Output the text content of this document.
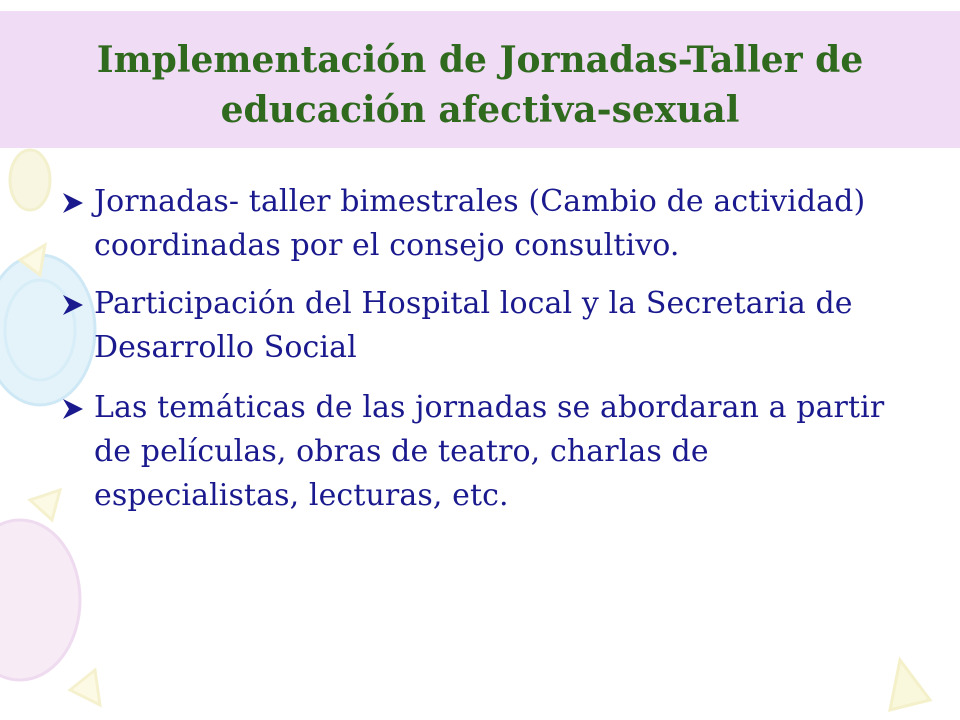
Implementación de Jornadas-Taller de educación afectiva-sexual
Jornadas- taller bimestrales (Cambio de actividad) coordinadas por el consejo consultivo.
Participación del Hospital local y la Secretaria de Desarrollo Social
Las temáticas de las jornadas se abordaran a partir de películas, obras de teatro, charlas de especialistas, lecturas, etc.
